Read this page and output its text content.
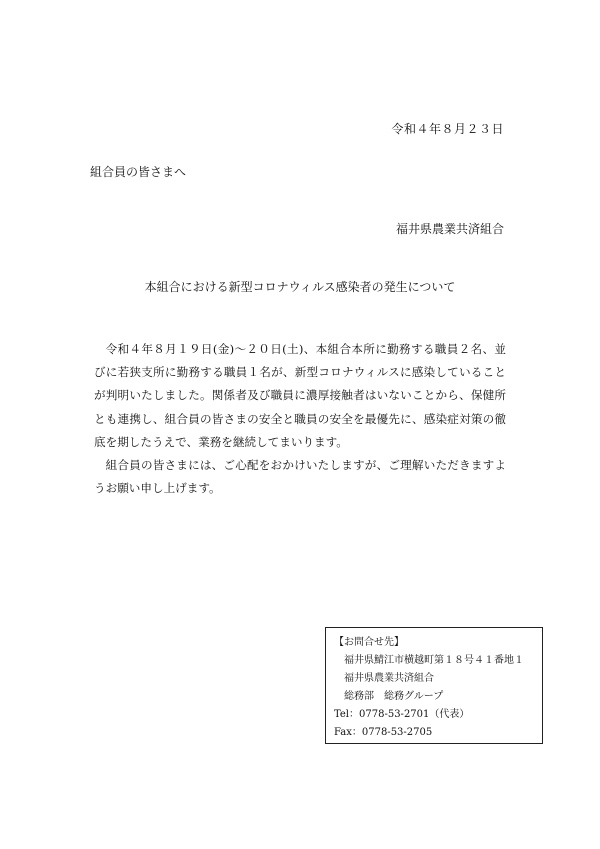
令和４年８月２３日
組合員の皆さまへ
福井県農業共済組合
本組合における新型コロナウィルス感染者の発生について

令和４年８月１９日(金)～２０日(土)、本組合本所に勤務する職員２名、並びに若狭支所に勤務する職員１名が、新型コロナウィルスに感染していることが判明いたしました。関係者及び職員に濃厚接触者はいないことから、保健所とも連携し、組合員の皆さまの安全と職員の安全を最優先に、感染症対策の徹底を期したうえで、業務を継続してまいります。

組合員の皆さまには、ご心配をおかけいたしますが、ご理解いただきますようお願い申し上げます。

【お問合せ先】
福井県鯖江市横越町第１８号４１番地１
福井県農業共済組合
総務部　総務グループ
Tel：0778-53-2701（代表）
Fax：0778-53-2705
